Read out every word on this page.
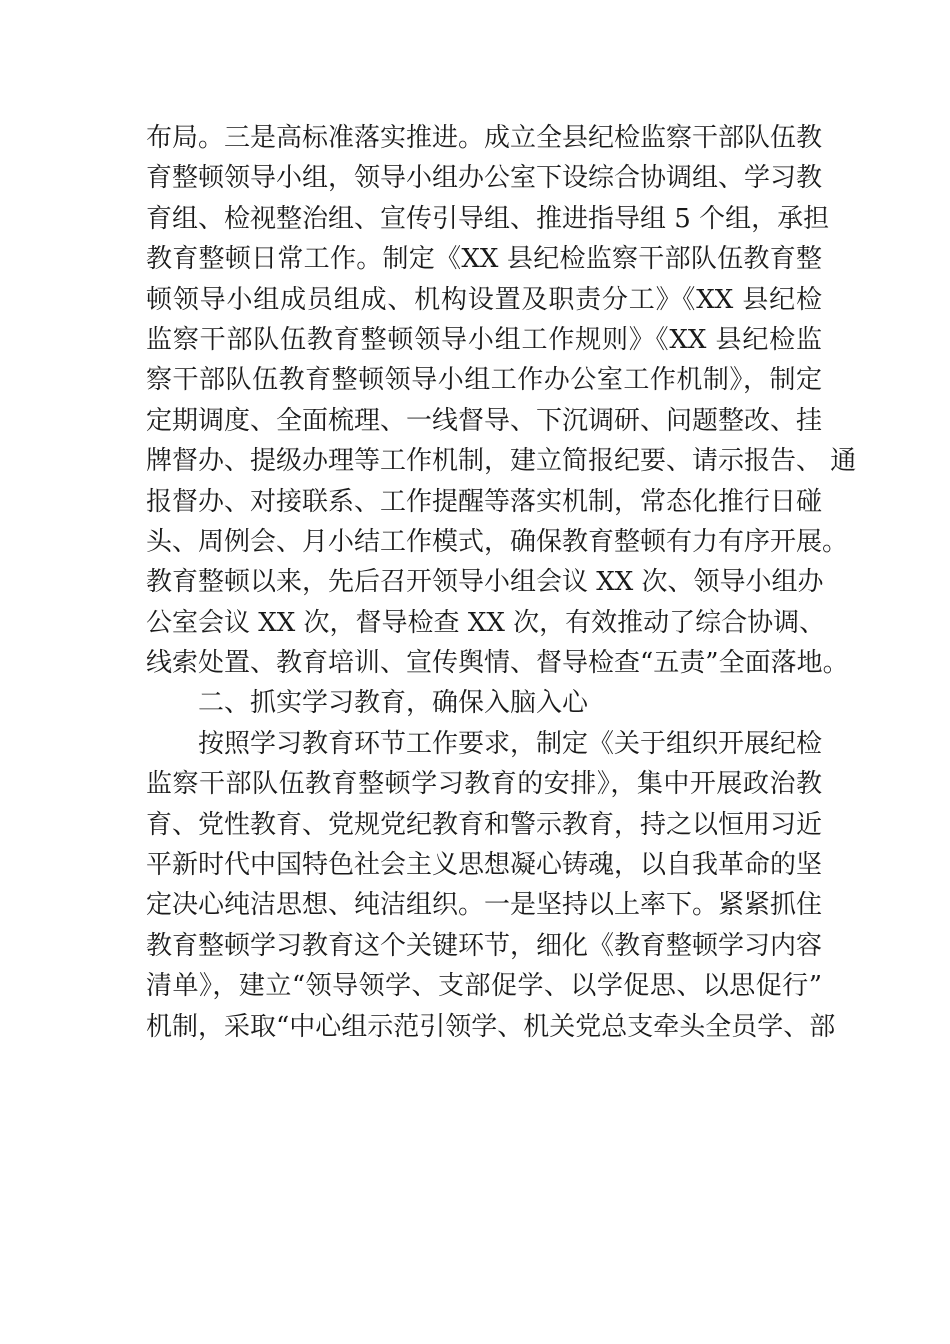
布局。三是高标准落实推进。成立全县纪检监察干部队伍教
育整顿领导小组，领导小组办公室下设综合协调组、学习教
育组、检视整治组、宣传引导组、推进指导组 5 个组，承担
教育整顿日常工作。制定《XX 县纪检监察干部队伍教育整
顿领导小组成员组成、机构设置及职责分工》《XX 县纪检
监察干部队伍教育整顿领导小组工作规则》《XX 县纪检监
察干部队伍教育整顿领导小组工作办公室工作机制》，制定
定期调度、全面梳理、一线督导、下沉调研、问题整改、挂
牌督办、提级办理等工作机制，建立简报纪要、请示报告、 通
报督办、对接联系、工作提醒等落实机制，常态化推行日碰
头、周例会、月小结工作模式，确保教育整顿有力有序开展。
教育整顿以来，先后召开领导小组会议 XX 次、领导小组办
公室会议 XX 次，督导检查 XX 次，有效推动了综合协调、
线索处置、教育培训、宣传舆情、督导检查“五责”全面落地。
二、抓实学习教育，确保入脑入心
按照学习教育环节工作要求，制定《关于组织开展纪检
监察干部队伍教育整顿学习教育的安排》，集中开展政治教
育、党性教育、党规党纪教育和警示教育，持之以恒用习近
平新时代中国特色社会主义思想凝心铸魂，以自我革命的坚
定决心纯洁思想、纯洁组织。一是坚持以上率下。紧紧抓住
教育整顿学习教育这个关键环节，细化《教育整顿学习内容
清单》，建立“领导领学、支部促学、以学促思、以思促行”
机制，采取“中心组示范引领学、机关党总支牵头全员学、部
